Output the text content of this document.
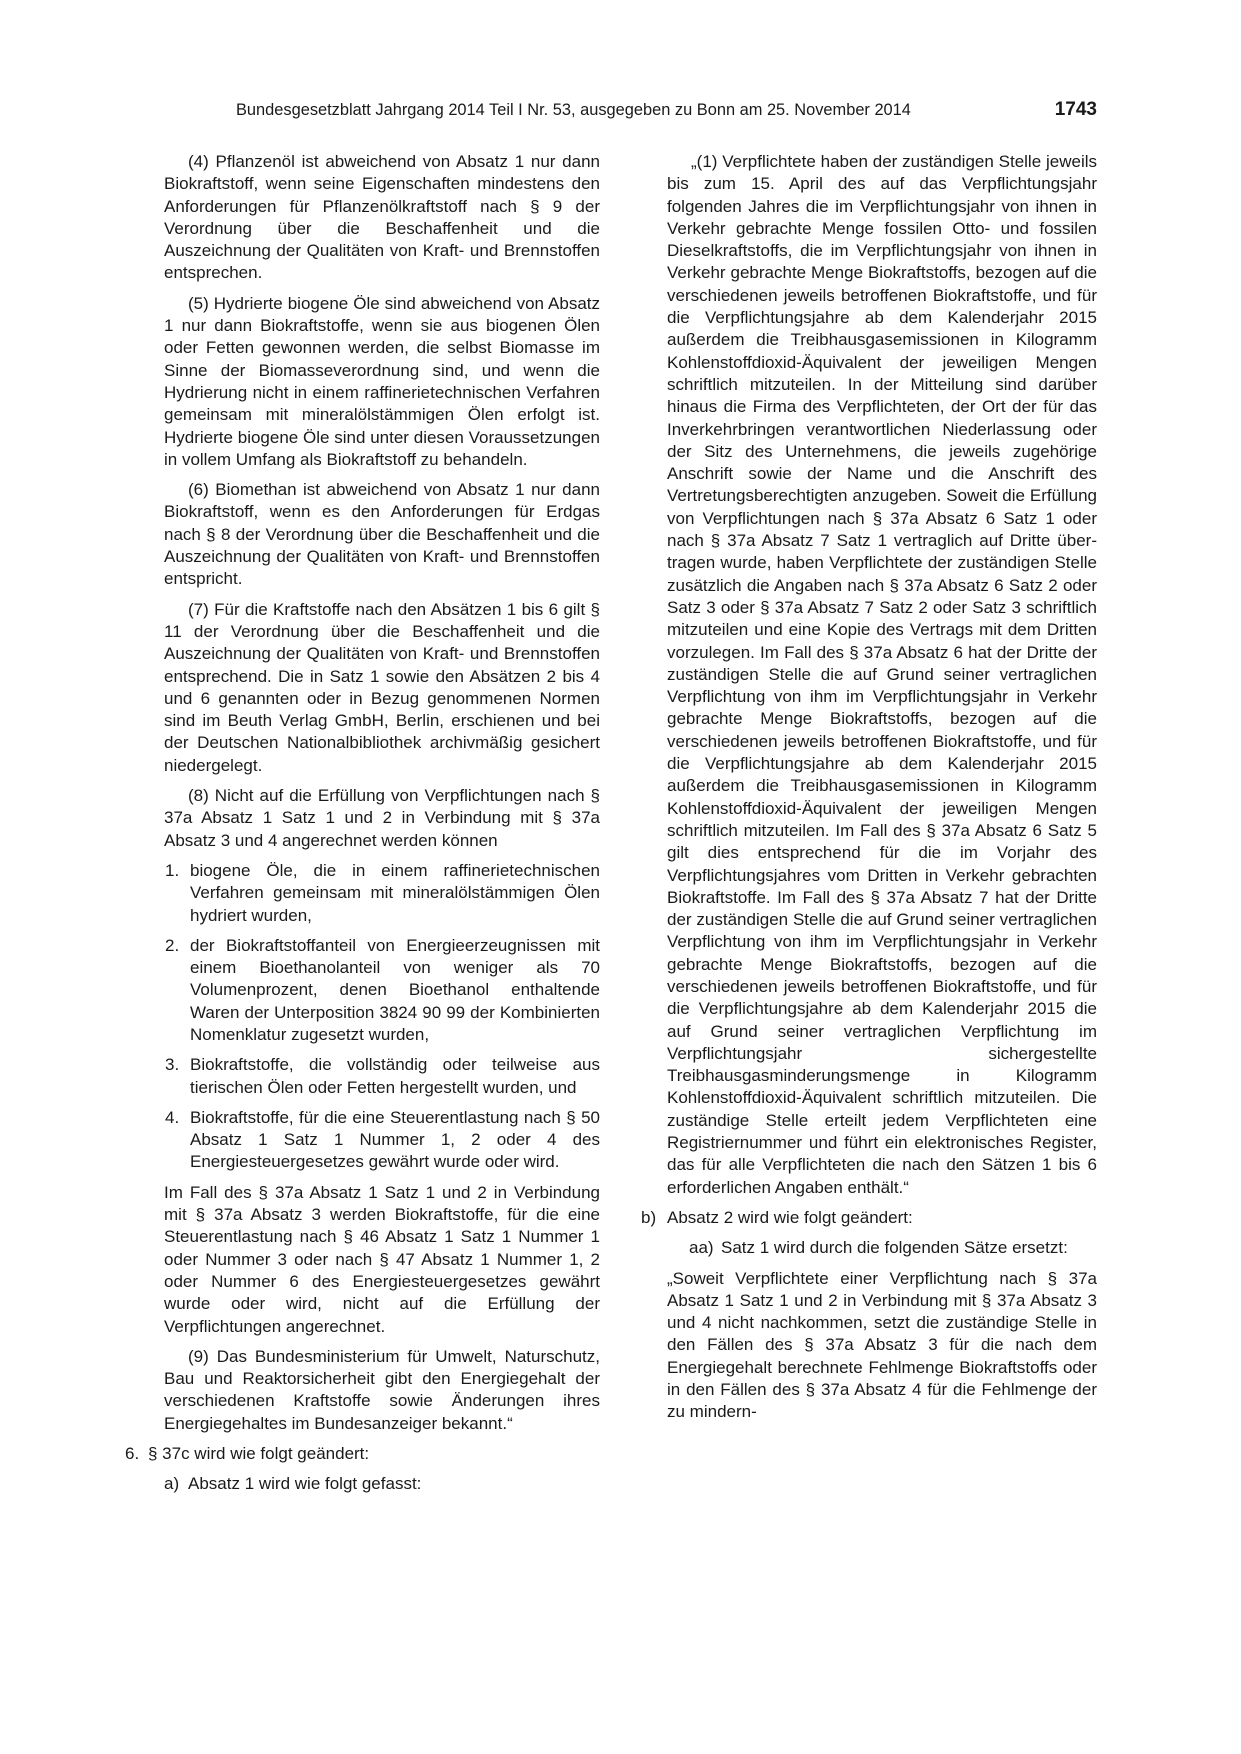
Bundesgesetzblatt Jahrgang 2014 Teil I Nr. 53, ausgegeben zu Bonn am 25. November 2014	1743

(4) Pflanzenöl ist abweichend von Absatz 1 nur dann Biokraftstoff, wenn seine Eigenschaften mindestens den Anforderungen für Pflanzenölkraftstoff nach § 9 der Verordnung über die Beschaffenheit und die Auszeichnung der Qualitäten von Kraft- und Brennstoffen entsprechen.

(5) Hydrierte biogene Öle sind abweichend von Absatz 1 nur dann Biokraftstoffe, wenn sie aus biogenen Ölen oder Fetten gewonnen werden, die selbst Biomasse im Sinne der Biomasseverordnung sind, und wenn die Hydrierung nicht in einem raffinerietechnischen Verfahren gemeinsam mit mineralölstämmigen Ölen erfolgt ist. Hydrierte biogene Öle sind unter diesen Voraussetzungen in vollem Umfang als Biokraftstoff zu behandeln.

(6) Biomethan ist abweichend von Absatz 1 nur dann Biokraftstoff, wenn es den Anforderungen für Erdgas nach § 8 der Verordnung über die Beschaffenheit und die Auszeichnung der Qualitäten von Kraft- und Brennstoffen entspricht.

(7) Für die Kraftstoffe nach den Absätzen 1 bis 6 gilt § 11 der Verordnung über die Beschaffenheit und die Auszeichnung der Qualitäten von Kraft- und Brennstoffen entsprechend. Die in Satz 1 sowie den Absätzen 2 bis 4 und 6 genannten oder in Bezug genommenen Normen sind im Beuth Verlag GmbH, Berlin, erschienen und bei der Deutschen Nationalbibliothek archivmäßig gesichert niedergelegt.

(8) Nicht auf die Erfüllung von Verpflichtungen nach § 37a Absatz 1 Satz 1 und 2 in Verbindung mit § 37a Absatz 3 und 4 angerechnet werden können

1. biogene Öle, die in einem raffinerietechnischen Verfahren gemeinsam mit mineralölstämmigen Ölen hydriert wurden,
2. der Biokraftstoffanteil von Energieerzeugnissen mit einem Bioethanolanteil von weniger als 70 Volumenprozent, denen Bioethanol enthaltende Waren der Unterposition 3824 90 99 der Kombinierten Nomenklatur zugesetzt wurden,
3. Biokraftstoffe, die vollständig oder teilweise aus tierischen Ölen oder Fetten hergestellt wurden, und
4. Biokraftstoffe, für die eine Steuerentlastung nach § 50 Absatz 1 Satz 1 Nummer 1, 2 oder 4 des Energiesteuergesetzes gewährt wurde oder wird.

Im Fall des § 37a Absatz 1 Satz 1 und 2 in Verbindung mit § 37a Absatz 3 werden Biokraftstoffe, für die eine Steuerentlastung nach § 46 Absatz 1 Satz 1 Nummer 1 oder Nummer 3 oder nach § 47 Absatz 1 Nummer 1, 2 oder Nummer 6 des Energiesteuergesetzes gewährt wurde oder wird, nicht auf die Erfüllung der Verpflichtungen angerechnet.

(9) Das Bundesministerium für Umwelt, Naturschutz, Bau und Reaktorsicherheit gibt den Energiegehalt der verschiedenen Kraftstoffe sowie Änderungen ihres Energiegehaltes im Bundesanzeiger bekannt.“

6. § 37c wird wie folgt geändert:
a) Absatz 1 wird wie folgt gefasst:

„(1) Verpflichtete haben der zuständigen Stelle jeweils bis zum 15. April des auf das Verpflichtungsjahr folgenden Jahres die im Verpflichtungsjahr von ihnen in Verkehr gebrachte Menge fossilen Otto- und fossilen Dieselkraftstoffs, die im Verpflichtungsjahr von ihnen in Verkehr gebrachte Menge Biokraftstoffs, bezogen auf die verschiedenen jeweils betroffenen Biokraftstoffe, und für die Verpflichtungsjahre ab dem Kalenderjahr 2015 außerdem die Treibhausgasemissionen in Kilogramm Kohlenstoffdioxid-Äquivalent der jeweiligen Mengen schriftlich mitzuteilen. In der Mitteilung sind darüber hinaus die Firma des Verpflichteten, der Ort der für das Inverkehrbringen verantwortlichen Niederlassung oder der Sitz des Unternehmens, die jeweils zugehörige Anschrift sowie der Name und die Anschrift des Vertretungsberechtigten anzugeben. Soweit die Erfüllung von Verpflichtungen nach § 37a Absatz 6 Satz 1 oder nach § 37a Absatz 7 Satz 1 vertraglich auf Dritte übertragen wurde, haben Verpflichtete der zuständigen Stelle zusätzlich die Angaben nach § 37a Absatz 6 Satz 2 oder Satz 3 oder § 37a Absatz 7 Satz 2 oder Satz 3 schriftlich mitzuteilen und eine Kopie des Vertrags mit dem Dritten vorzulegen. Im Fall des § 37a Absatz 6 hat der Dritte der zuständigen Stelle die auf Grund seiner vertraglichen Verpflichtung von ihm im Verpflichtungsjahr in Verkehr gebrachte Menge Biokraftstoffs, bezogen auf die verschiedenen jeweils betroffenen Biokraftstoffe, und für die Verpflichtungsjahre ab dem Kalenderjahr 2015 außerdem die Treibhausgasemissionen in Kilogramm Kohlenstoffdioxid-Äquivalent der jeweiligen Mengen schriftlich mitzuteilen. Im Fall des § 37a Absatz 6 Satz 5 gilt dies entsprechend für die im Vorjahr des Verpflichtungsjahres vom Dritten in Verkehr gebrachten Biokraftstoffe. Im Fall des § 37a Absatz 7 hat der Dritte der zuständigen Stelle die auf Grund seiner vertraglichen Verpflichtung von ihm im Verpflichtungsjahr in Verkehr gebrachte Menge Biokraftstoffs, bezogen auf die verschiedenen jeweils betroffenen Biokraftstoffe, und für die Verpflichtungsjahre ab dem Kalenderjahr 2015 die auf Grund seiner vertraglichen Verpflichtung im Verpflichtungsjahr sichergestellte Treibhausgasminderungsmenge in Kilogramm Kohlenstoffdioxid-Äquivalent schriftlich mitzuteilen. Die zuständige Stelle erteilt jedem Verpflichteten eine Registriernummer und führt ein elektronisches Register, das für alle Verpflichteten die nach den Sätzen 1 bis 6 erforderlichen Angaben enthält.“

b) Absatz 2 wird wie folgt geändert:
aa) Satz 1 wird durch die folgenden Sätze ersetzt:

„Soweit Verpflichtete einer Verpflichtung nach § 37a Absatz 1 Satz 1 und 2 in Verbindung mit § 37a Absatz 3 und 4 nicht nachkommen, setzt die zuständige Stelle in den Fällen des § 37a Absatz 3 für die nach dem Energiegehalt berechnete Fehlmenge Biokraftstoffs oder in den Fällen des § 37a Absatz 4 für die Fehlmenge der zu mindern-
